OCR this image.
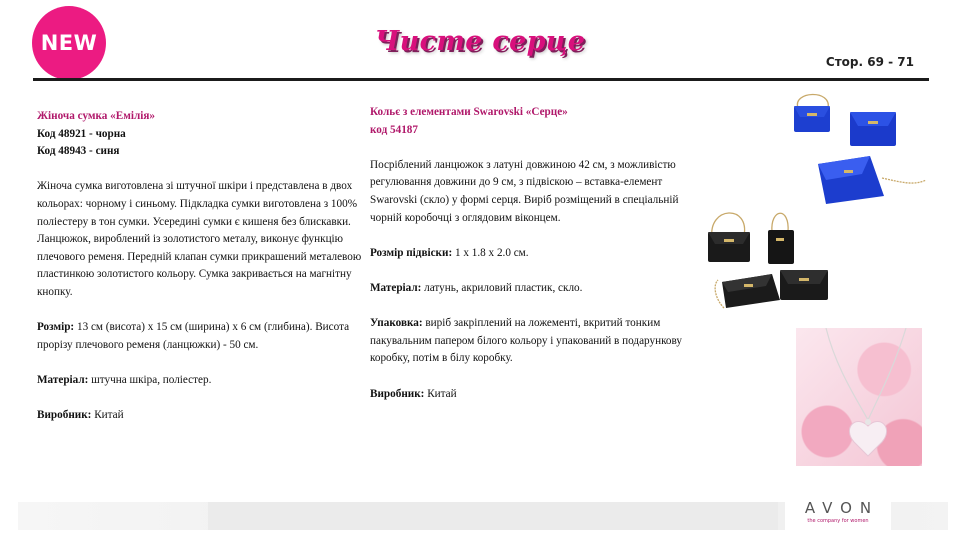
NEW	Чисте серце
Стор. 69 - 71
Жіноча сумка «Емілія»
Код 48921 - чорна
Код 48943 - синя
Жіноча сумка виготовлена зі штучної шкіри і представлена в двох кольорах: чорному і синьому. Підкладка сумки виготовлена з 100% поліестеру в тон сумки. Усередині сумки є кишеня без блискавки. Ланцюжок, вироблений із золотистого металу, виконує функцію плечового ременя. Передній клапан сумки прикрашений металевою пластинкою золотистого кольору. Сумка закривається на магнітну кнопку.
Розмір: 13 см (висота) х 15 см (ширина) х 6 см (глибина). Висота прорізу плечового ременя (ланцюжки) - 50 см.
Матеріал: штучна шкіра, поліестер.
Виробник: Китай
Кольє з елементами Swarovski «Серце»
код 54187
Посріблений ланцюжок з латуні довжиною 42 см, з можливістю регулювання довжини до 9 см, з підвіскою – вставка-елемент Swarovski (скло) у формі серця. Виріб розміщений в спеціальній чорній коробочці з оглядовим віконцем.
Розмір підвіски: 1 х 1.8 х 2.0 см.
Матеріал: латунь, акриловий пластик, скло.
Упаковка: виріб закріплений на ложементі, вкритий тонким пакувальним папером білого кольору і упакований в подарункову коробку, потім в білу коробку.
Виробник: Китай
AVON
the company for women
